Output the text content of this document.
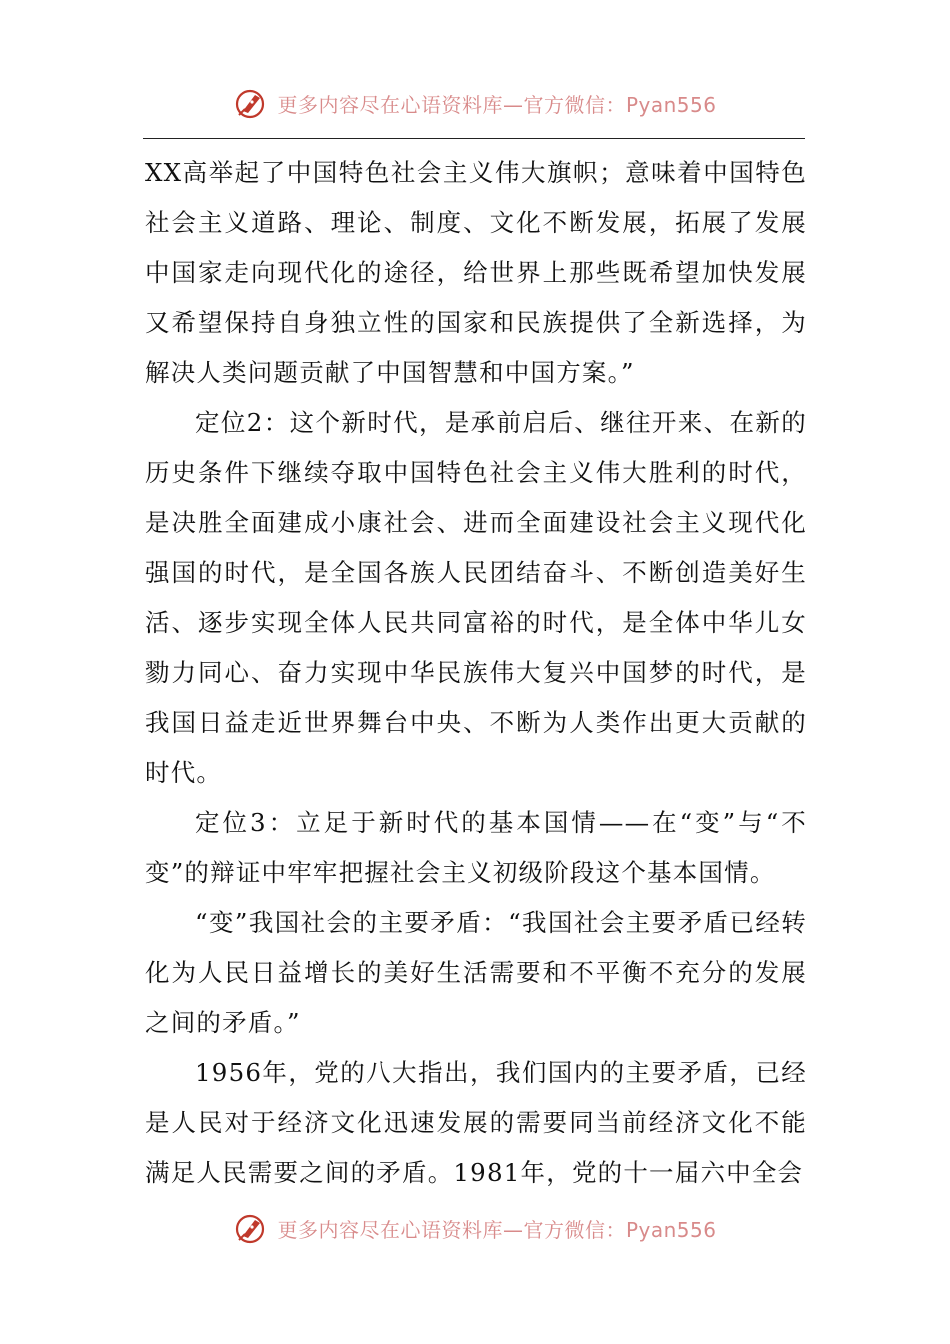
更多内容尽在心语资料库—官方微信：Pyan556

XX高举起了中国特色社会主义伟大旗帜；意味着中国特色社会主义道路、理论、制度、文化不断发展，拓展了发展中国家走向现代化的途径，给世界上那些既希望加快发展又希望保持自身独立性的国家和民族提供了全新选择，为解决人类问题贡献了中国智慧和中国方案。”

定位2：这个新时代，是承前启后、继往开来、在新的历史条件下继续夺取中国特色社会主义伟大胜利的时代，是决胜全面建成小康社会、进而全面建设社会主义现代化强国的时代，是全国各族人民团结奋斗、不断创造美好生活、逐步实现全体人民共同富裕的时代，是全体中华儿女勠力同心、奋力实现中华民族伟大复兴中国梦的时代，是我国日益走近世界舞台中央、不断为人类作出更大贡献的时代。

定位3：立足于新时代的基本国情——在“变”与“不变”的辩证中牢牢把握社会主义初级阶段这个基本国情。

“变”我国社会的主要矛盾：“我国社会主要矛盾已经转化为人民日益增长的美好生活需要和不平衡不充分的发展之间的矛盾。”

1956年，党的八大指出，我们国内的主要矛盾，已经是人民对于经济文化迅速发展的需要同当前经济文化不能满足人民需要之间的矛盾。1981年，党的十一届六中全会

更多内容尽在心语资料库—官方微信：Pyan556
